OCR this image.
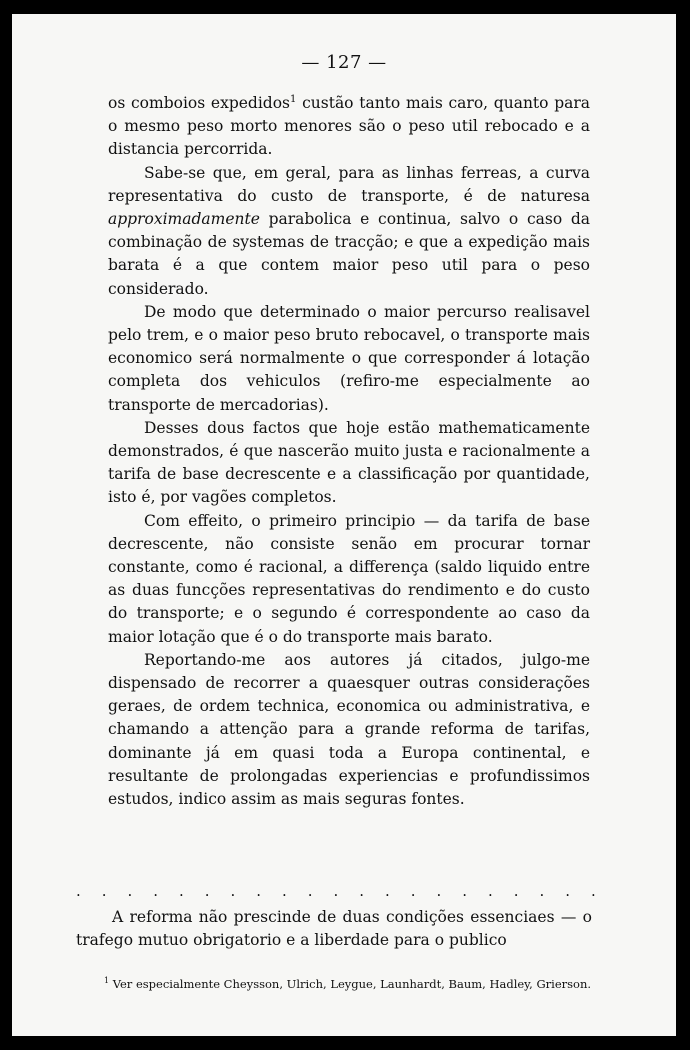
— 127 —

os comboios expedidos$^1$ custão tanto mais caro, quanto para o mesmo peso morto menores são o peso util rebocado e a distancia percorrida.

Sabe-se que, em geral, para as linhas ferreas, a curva representativa do custo de transporte, é de naturesa approximadamente parabolica e continua, salvo o caso da combinação de systemas de tracção; e que a expedição mais barata é a que contem maior peso util para o peso considerado.

De modo que determinado o maior percurso realisavel pelo trem, e o maior peso bruto rebocavel, o transporte mais economico será normalmente o que corresponder á lotação completa dos vehiculos (refiro-me especialmente ao transporte de mercadorias).

Desses dous factos que hoje estão mathematicamente demonstrados, é que nascerão muito justa e racionalmente a tarifa de base decrescente e a classificação por quantidade, isto é, por vagões completos.

Com effeito, o primeiro principio — da tarifa de base decrescente, não consiste senão em procurar tornar constante, como é racional, a differença (saldo liquido entre as duas funcções representativas do rendimento e do custo do transporte; e o segundo é correspondente ao caso da maior lotação que é o do transporte mais barato.

Reportando-me aos autores já citados, julgo-me dispensado de recorrer a quaesquer outras considerações geraes, de ordem technica, economica ou administrativa, e chamando a attenção para a grande reforma de tarifas, dominante já em quasi toda a Europa continental, e resultante de prolongadas experiencias e profundissimos estudos, indico assim as mais seguras fontes.

. . . . . . . . . . . . . . . . . . . . .

A reforma não prescinde de duas condições essenciaes — o trafego mutuo obrigatorio e a liberdade para o publico

$^1$ Ver especialmente Cheysson, Ulrich, Leygue, Launhardt, Baum, Hadley, Grierson.
